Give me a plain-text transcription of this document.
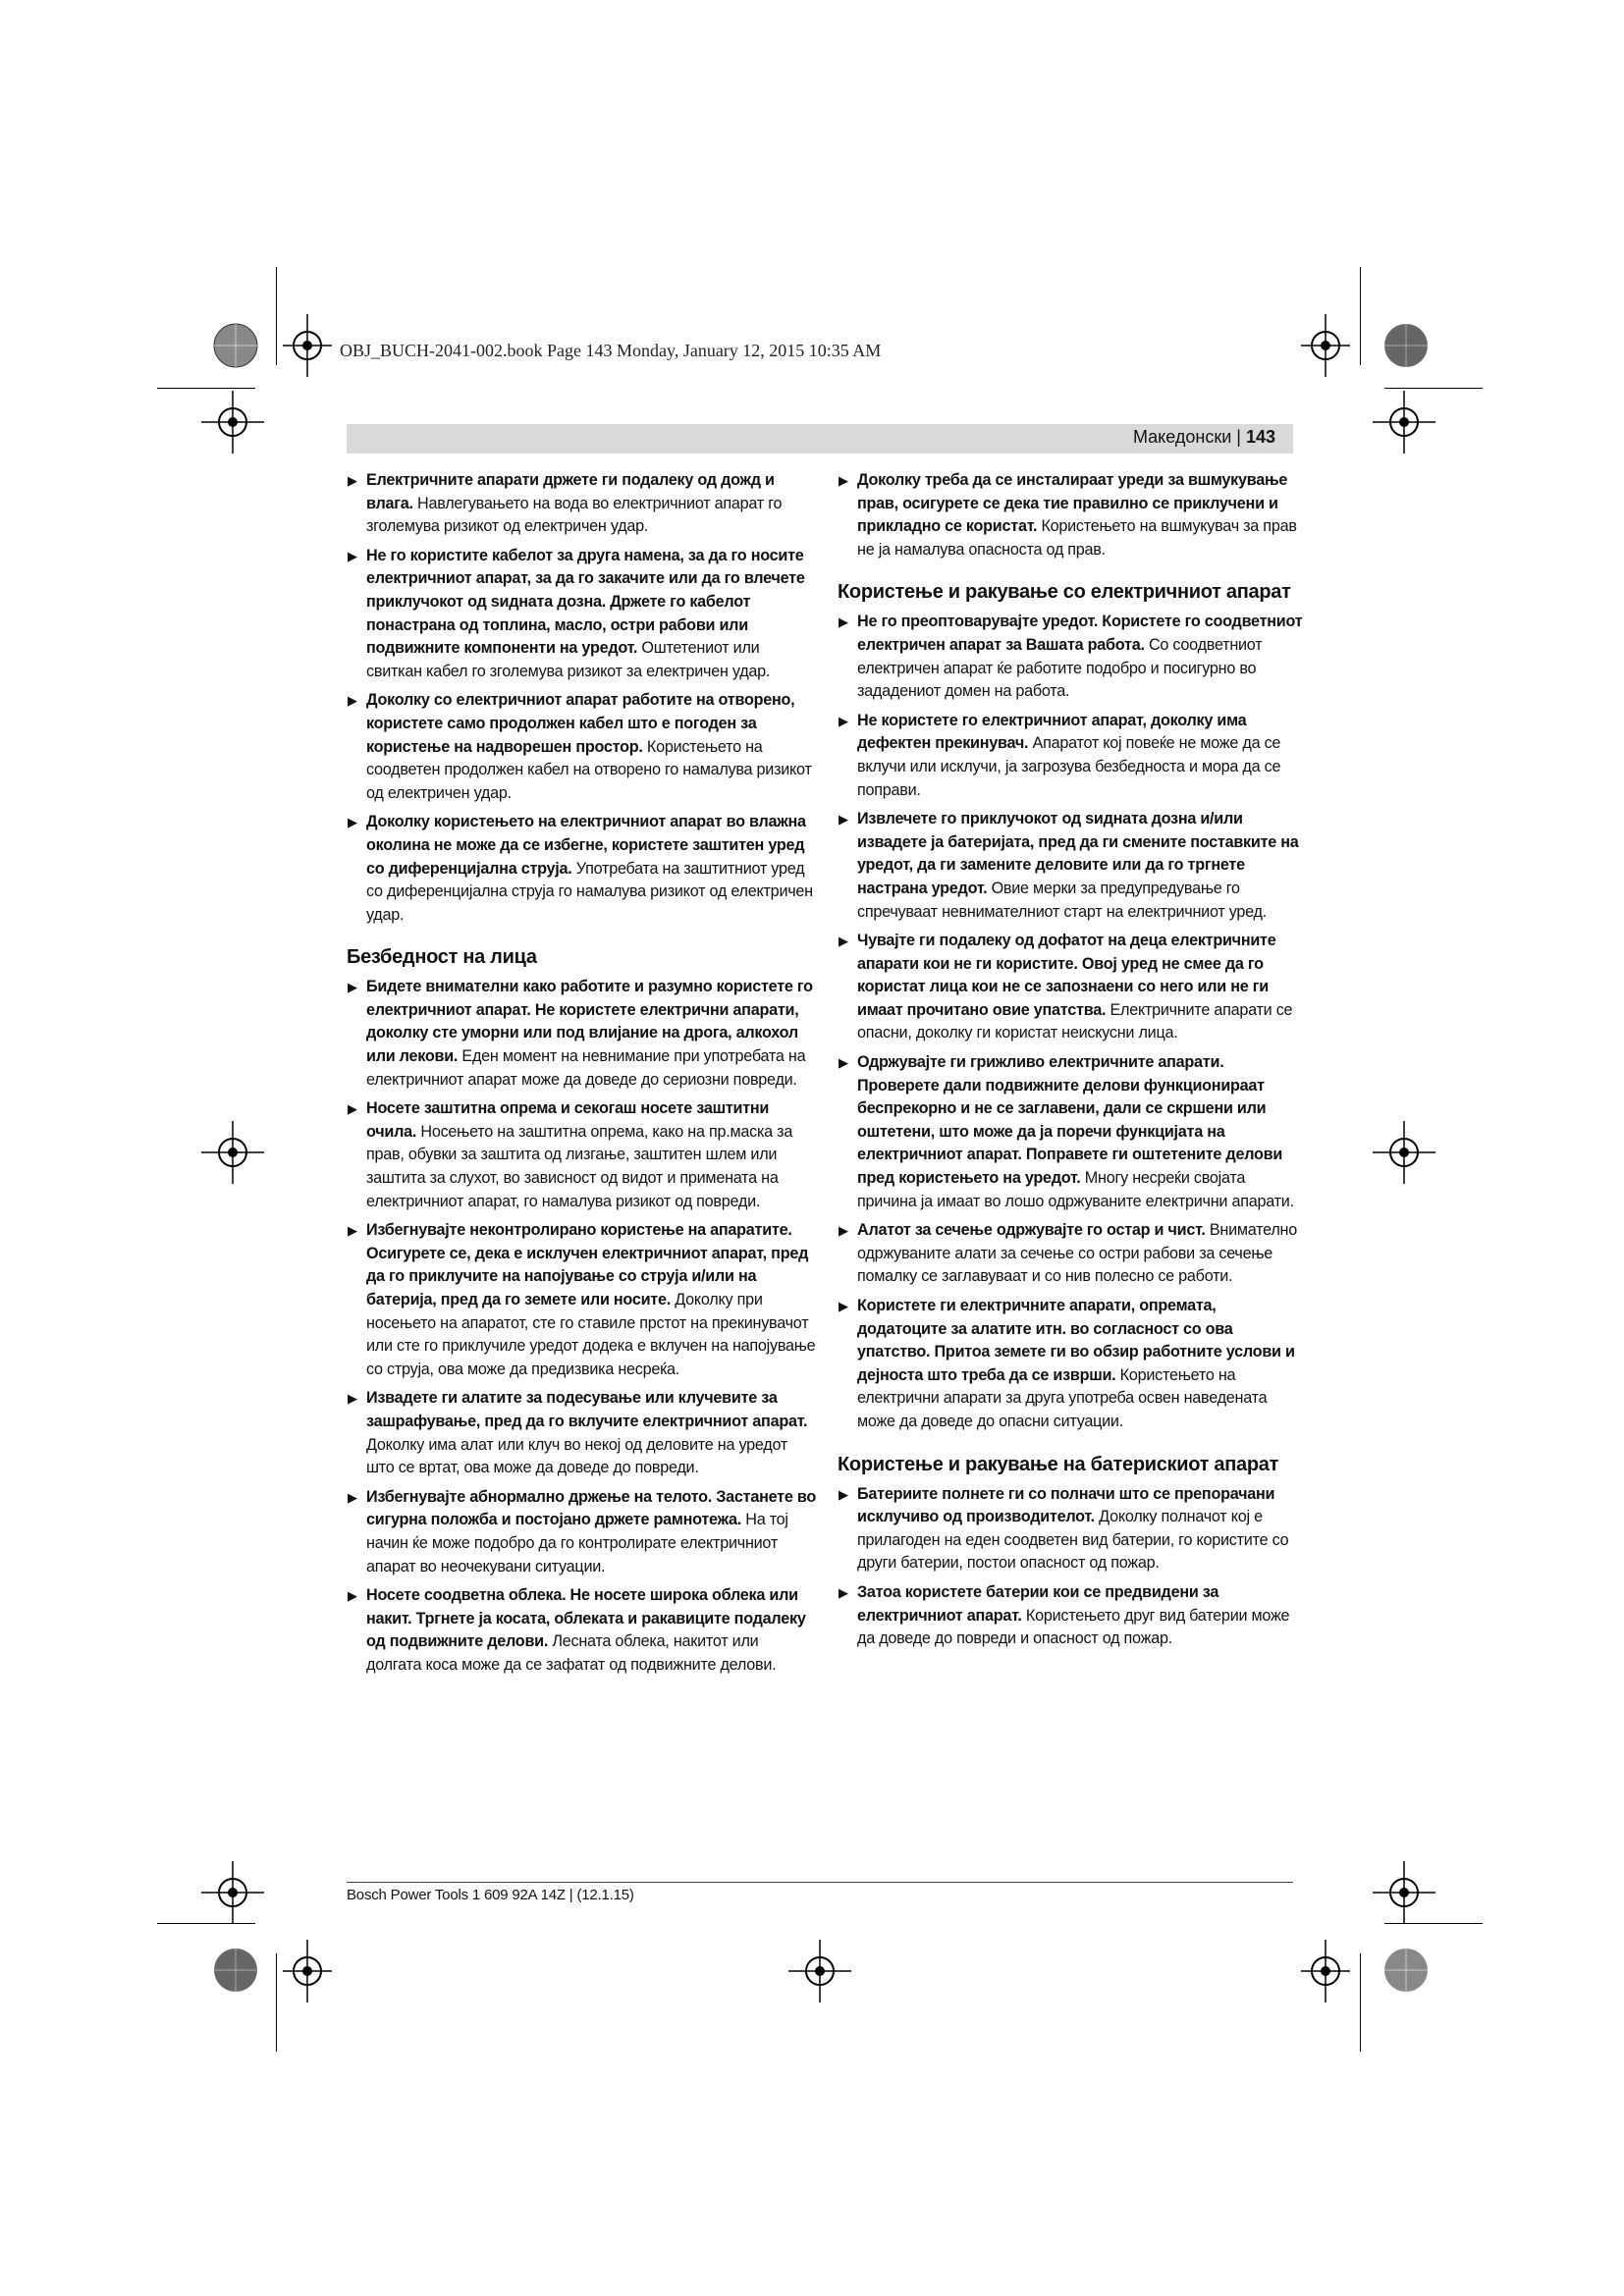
OBJ_BUCH-2041-002.book Page 143 Monday, January 12, 2015 10:35 AM
Македонски | 143
▶ Електричните апарати држете ги подалеку од дожд и влага. Навлегувањето на вода во електричниот апарат го зголемува ризикот од електричен удар.
▶ Не го користите кабелот за друга намена, за да го носите електричниот апарат, за да го закачите или да го влечете приклучокот од ѕидната дозна. Држете го кабелот понастрана од топлина, масло, остри рабови или подвижните компоненти на уредот. Оштетениот или свиткан кабел го зголемува ризикот за електричен удар.
▶ Доколку со електричниот апарат работите на отворено, користете само продолжен кабел што е погоден за користење на надворешен простор. Користењето на соодветен продолжен кабел на отворено го намалува ризикот од електричен удар.
▶ Доколку користењето на електричниот апарат во влажна околина не може да се избегне, користете заштитен уред со диференцијална струја. Употребата на заштитниот уред со диференцијална струја го намалува ризикот од електричен удар.
Безбедност на лица
▶ Бидете внимателни како работите и разумно користете го електричниот апарат. Не користете електрични апарати, доколку сте уморни или под влијание на дрога, алкохол или лекови. Еден момент на невнимание при употребата на електричниот апарат може да доведе до сериозни повреди.
▶ Носете заштитна опрема и секогаш носете заштитни очила. Носењето на заштитна опрема, како на пр.маска за прав, обувки за заштита од лизгање, заштитен шлем или заштита за слухот, во зависност од видот и примената на електричниот апарат, го намалува ризикот од повреди.
▶ Избегнувајте неконтролирано користење на апаратите. Осигурете се, дека е исклучен електричниот апарат, пред да го приклучите на напојување со струја и/или на батерија, пред да го земете или носите. Доколку при носењето на апаратот, сте го ставиле прстот на прекинувачот или сте го приклучиле уредот додека е вклучен на напојување со струја, ова може да предизвика несреќа.
▶ Извадете ги алатите за подесување или клучевите за зашрафување, пред да го вклучите електричниот апарат. Доколку има алат или клуч во некој од деловите на уредот што се вртат, ова може да доведе до повреди.
▶ Избегнувајте абнормално држење на телото. Застанете во сигурна положба и постојано држете рамнотежа. На тој начин ќе може подобро да го контролирате електричниот апарат во неочекувани ситуации.
▶ Носете соодветна облека. Не носете широка облека или накит. Тргнете ја косата, облеката и ракавиците подалеку од подвижните делови. Лесната облека, накитот или долгата коса може да се зафатат од подвижните делови.
▶ Доколку треба да се инсталираат уреди за вшмукување прав, осигурете се дека тие правилно се приклучени и прикладно се користат. Користењето на вшмукувач за прав не ја намалува опасноста од прав.
Користење и ракување со електричниот апарат
▶ Не го преоптоварувајте уредот. Користете го соодветниот електричен апарат за Вашата работа. Со соодветниот електричен апарат ќе работите подобро и посигурно во зададениот домен на работа.
▶ Не користете го електричниот апарат, доколку има дефектен прекинувач. Апаратот кој повеќе не може да се вклучи или исклучи, ја загрозува безбедноста и мора да се поправи.
▶ Извлечете го приклучокот од ѕидната дозна и/или извадете ја батеријата, пред да ги смените поставките на уредот, да ги замените деловите или да го тргнете настрана уредот. Овие мерки за предупредување го спречуваат невнимателниот старт на електричниот уред.
▶ Чувајте ги подалеку од дофатот на деца електричните апарати кои не ги користите. Овој уред не смее да го користат лица кои не се запознаени со него или не ги имаат прочитано овие упатства. Електричните апарати се опасни, доколку ги користат неискусни лица.
▶ Одржувајте ги грижливо електричните апарати. Проверете дали подвижните делови функционираат беспрекорно и не се заглавени, дали се скршени или оштетени, што може да ја поречи функцијата на електричниот апарат. Поправете ги оштетените делови пред користењето на уредот. Многу несреќи својата причина ја имаат во лошо одржуваните електрични апарати.
▶ Алатот за сечење одржувајте го остар и чист. Внимателно одржуваните алати за сечење со остри рабови за сечење помалку се заглавуваат и со нив полесно се работи.
▶ Користете ги електричните апарати, опремата, додатоците за алатите итн. во согласност со ова упатство. Притоа земете ги во обзир работните услови и дејноста што треба да се изврши. Користењето на електрични апарати за друга употреба освен наведената може да доведе до опасни ситуации.
Користење и ракување на батерискиот апарат
▶ Батериите полнете ги со полначи што се препорачани исклучиво од производителот. Доколку полначот кој е прилагоден на еден соодветен вид батерии, го користите со други батерии, постои опасност од пожар.
▶ Затоа користете батерии кои се предвидени за електричниот апарат. Користењето друг вид батерии може да доведе до повреди и опасност од пожар.
Bosch Power Tools 1 609 92A 14Z | (12.1.15)
